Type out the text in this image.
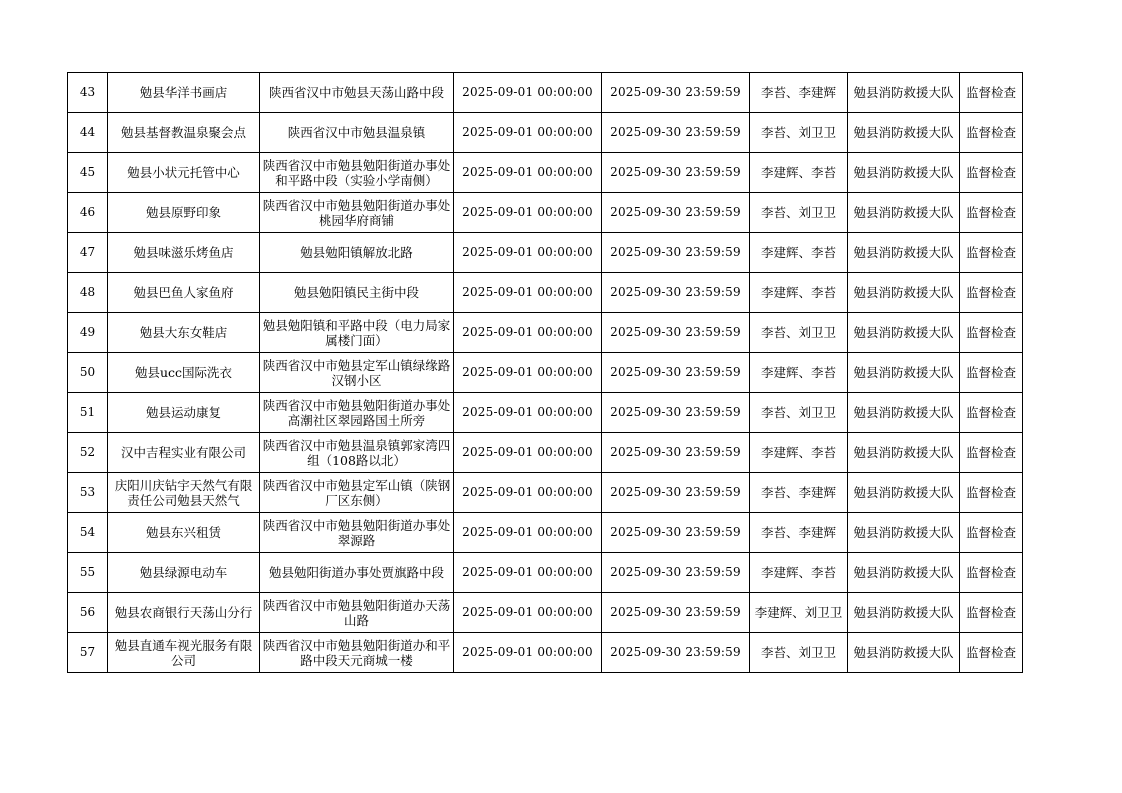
43	勉县华洋书画店	陕西省汉中市勉县天荡山路中段	2025-09-01 00:00:00	2025-09-30 23:59:59	李苔、李建辉	勉县消防救援大队	监督检查

44	勉县基督教温泉聚会点	陕西省汉中市勉县温泉镇	2025-09-01 00:00:00	2025-09-30 23:59:59	李苔、刘卫卫	勉县消防救援大队	监督检查

45	勉县小状元托管中心	陕西省汉中市勉县勉阳街道办事处和平路中段（实验小学南侧）	2025-09-01 00:00:00	2025-09-30 23:59:59	李建辉、李苔	勉县消防救援大队	监督检查

46	勉县原野印象	陕西省汉中市勉县勉阳街道办事处桃园华府商铺	2025-09-01 00:00:00	2025-09-30 23:59:59	李苔、刘卫卫	勉县消防救援大队	监督检查

47	勉县味滋乐烤鱼店	勉县勉阳镇解放北路	2025-09-01 00:00:00	2025-09-30 23:59:59	李建辉、李苔	勉县消防救援大队	监督检查

48	勉县巴鱼人家鱼府	勉县勉阳镇民主街中段	2025-09-01 00:00:00	2025-09-30 23:59:59	李建辉、李苔	勉县消防救援大队	监督检查

49	勉县大东女鞋店	勉县勉阳镇和平路中段（电力局家属楼门面）	2025-09-01 00:00:00	2025-09-30 23:59:59	李苔、刘卫卫	勉县消防救援大队	监督检查

50	勉县ucc国际洗衣	陕西省汉中市勉县定军山镇绿缘路汉钢小区	2025-09-01 00:00:00	2025-09-30 23:59:59	李建辉、李苔	勉县消防救援大队	监督检查

51	勉县运动康复	陕西省汉中市勉县勉阳街道办事处高潮社区翠园路国土所旁	2025-09-01 00:00:00	2025-09-30 23:59:59	李苔、刘卫卫	勉县消防救援大队	监督检查

52	汉中吉程实业有限公司	陕西省汉中市勉县温泉镇郭家湾四组（108路以北）	2025-09-01 00:00:00	2025-09-30 23:59:59	李建辉、李苔	勉县消防救援大队	监督检查

53	庆阳川庆钻宇天然气有限责任公司勉县天然气	陕西省汉中市勉县定军山镇（陕钢厂区东侧）	2025-09-01 00:00:00	2025-09-30 23:59:59	李苔、李建辉	勉县消防救援大队	监督检查

54	勉县东兴租赁	陕西省汉中市勉县勉阳街道办事处翠源路	2025-09-01 00:00:00	2025-09-30 23:59:59	李苔、李建辉	勉县消防救援大队	监督检查

55	勉县绿源电动车	勉县勉阳街道办事处贾旗路中段	2025-09-01 00:00:00	2025-09-30 23:59:59	李建辉、李苔	勉县消防救援大队	监督检查

56	勉县农商银行天荡山分行	陕西省汉中市勉县勉阳街道办天荡山路	2025-09-01 00:00:00	2025-09-30 23:59:59	李建辉、刘卫卫	勉县消防救援大队	监督检查

57	勉县直通车视光服务有限公司	陕西省汉中市勉县勉阳街道办和平路中段天元商城一楼	2025-09-01 00:00:00	2025-09-30 23:59:59	李苔、刘卫卫	勉县消防救援大队	监督检查
